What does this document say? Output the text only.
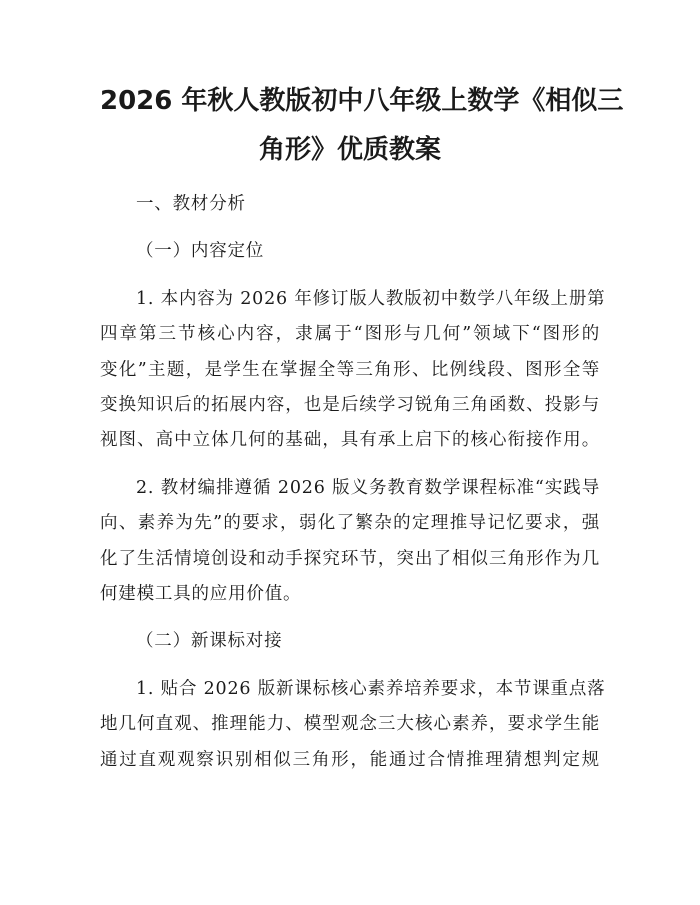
2026 年秋人教版初中八年级上数学《相似三
角形》优质教案

一、教材分析

（一）内容定位

1. 本内容为 2026 年修订版人教版初中数学八年级上册第

四章第三节核心内容，隶属于“图形与几何”领域下“图形的

变化”主题，是学生在掌握全等三角形、比例线段、图形全等

变换知识后的拓展内容，也是后续学习锐角三角函数、投影与

视图、高中立体几何的基础，具有承上启下的核心衔接作用。

2. 教材编排遵循 2026 版义务教育数学课程标准“实践导

向、素养为先”的要求，弱化了繁杂的定理推导记忆要求，强

化了生活情境创设和动手探究环节，突出了相似三角形作为几

何建模工具的应用价值。

（二）新课标对接

1. 贴合 2026 版新课标核心素养培养要求，本节课重点落

地几何直观、推理能力、模型观念三大核心素养，要求学生能

通过直观观察识别相似三角形，能通过合情推理猜想判定规
